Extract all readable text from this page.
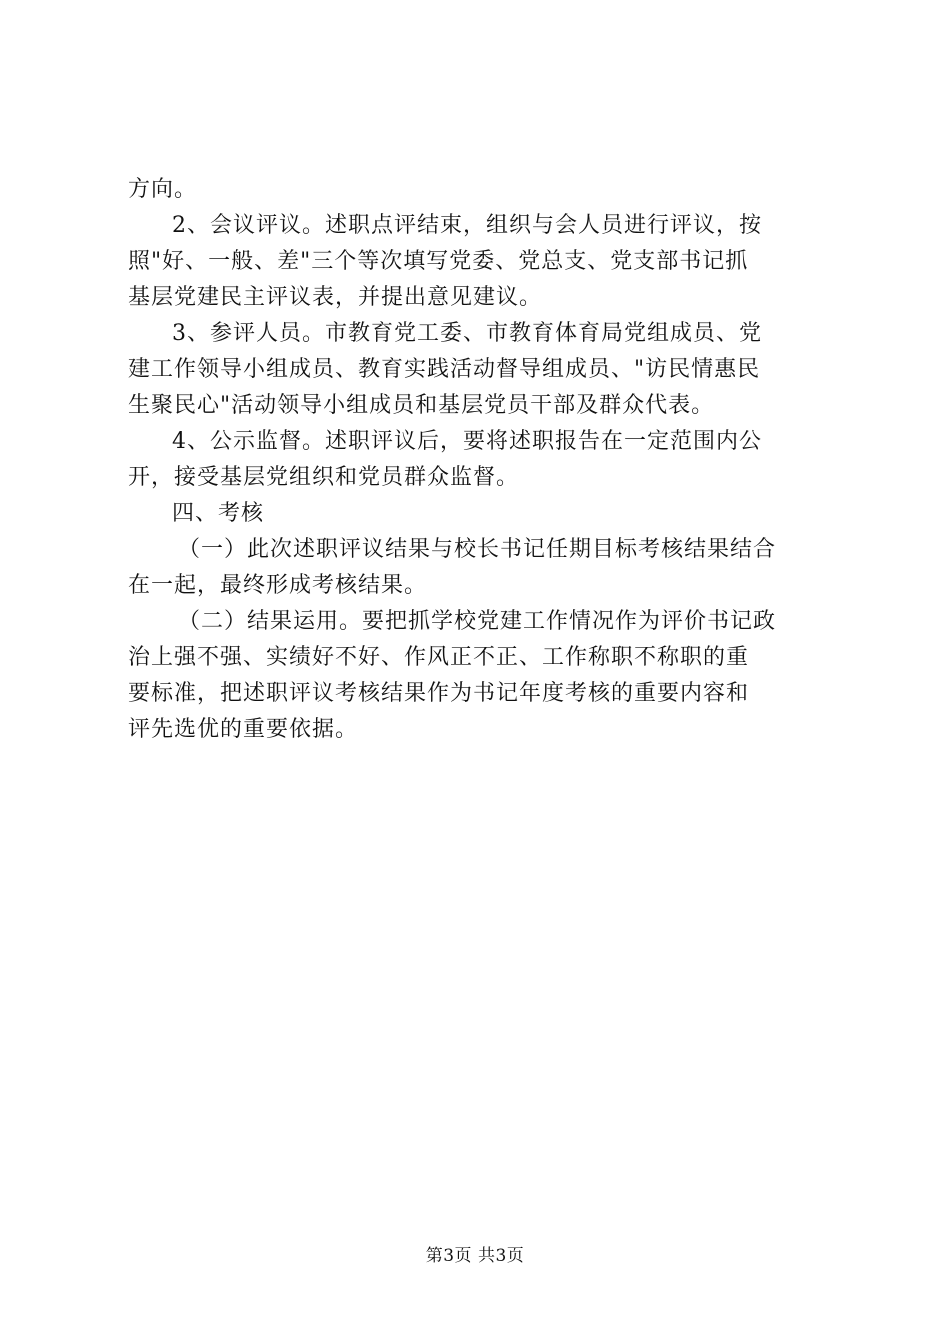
方向。
2、会议评议。述职点评结束，组织与会人员进行评议，按
照"好、一般、差"三个等次填写党委、党总支、党支部书记抓
基层党建民主评议表，并提出意见建议。
3、参评人员。市教育党工委、市教育体育局党组成员、党
建工作领导小组成员、教育实践活动督导组成员、"访民情惠民
生聚民心"活动领导小组成员和基层党员干部及群众代表。
4、公示监督。述职评议后，要将述职报告在一定范围内公
开，接受基层党组织和党员群众监督。
四、考核
（一）此次述职评议结果与校长书记任期目标考核结果结合
在一起，最终形成考核结果。
（二）结果运用。要把抓学校党建工作情况作为评价书记政
治上强不强、实绩好不好、作风正不正、工作称职不称职的重
要标准，把述职评议考核结果作为书记年度考核的重要内容和
评先选优的重要依据。
第3页 共3页
